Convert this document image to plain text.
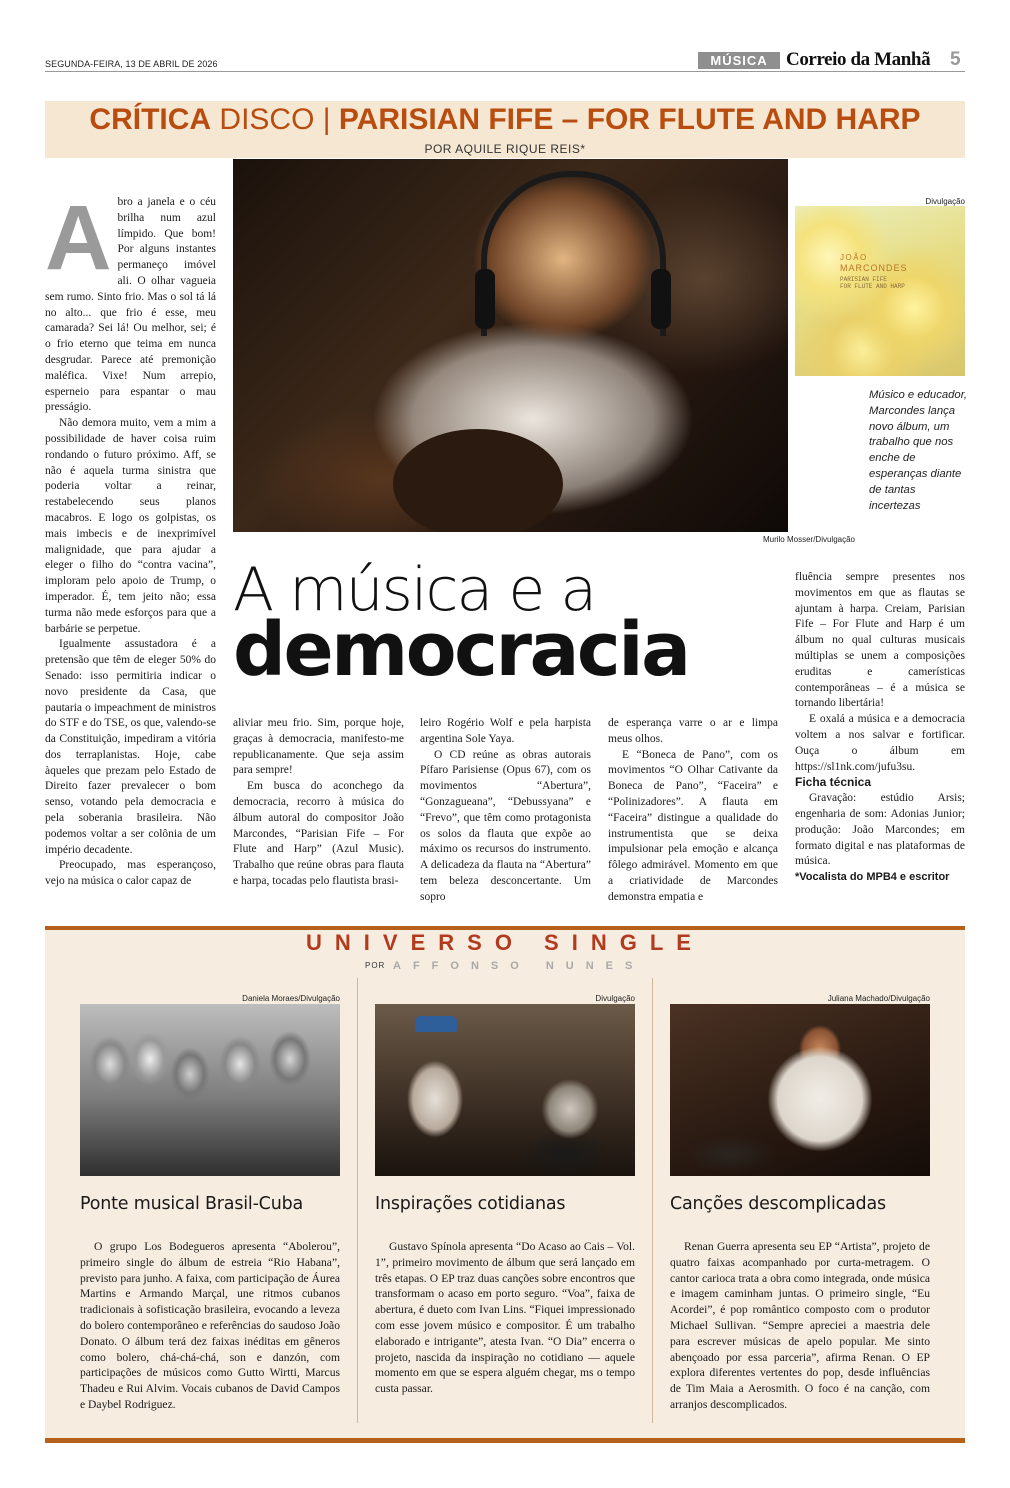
SEGUNDA-FEIRA, 13 DE ABRIL DE 2026	MÚSICA Correio da Manhã 5
CRÍTICA DISCO | PARISIAN FIFE – FOR FLUTE AND HARP
POR AQUILE RIQUE REIS*
Murilo Mosser/Divulgação
Divulgação
JOÃO
MARCONDES
PARISIAN FIFE
FOR FLUTE AND HARP
Músico e educador, Marcondes lança novo álbum, um trabalho que nos enche de esperanças diante de tantas incertezas

Abro a janela e o céu brilha num azul límpido. Que bom! Por alguns instantes permaneço imóvel ali. O olhar vagueia sem rumo. Sinto frio. Mas o sol tá lá no alto... que frio é esse, meu camarada? Sei lá! Ou melhor, sei; é o frio eterno que teima em nunca desgrudar. Parece até premonição maléfica. Vixe! Num arrepio, esperneio para espantar o mau presságio.

Não demora muito, vem a mim a possibilidade de haver coisa ruim rondando o futuro próximo. Aff, se não é aquela turma sinistra que poderia voltar a reinar, restabelecendo seus planos macabros. E logo os golpistas, os mais imbecis e de inexprimível malignidade, que para ajudar a eleger o filho do “contra vacina”, imploram pelo apoio de Trump, o imperador. É, tem jeito não; essa turma não mede esforços para que a barbárie se perpetue.

Igualmente assustadora é a pretensão que têm de eleger 50% do Senado: isso permitiria indicar o novo presidente da Casa, que pautaria o impeachment de ministros do STF e do TSE, os que, valendo-se da Constituição, impediram a vitória dos terraplanistas. Hoje, cabe àqueles que prezam pelo Estado de Direito fazer prevalecer o bom senso, votando pela democracia e pela soberania brasileira. Não podemos voltar a ser colônia de um império decadente.

Preocupado, mas esperançoso, vejo na música o calor capaz de

A música e a
democracia

aliviar meu frio. Sim, porque hoje, graças à democracia, manifesto-me republicanamente. Que seja assim para sempre!

Em busca do aconchego da democracia, recorro à música do álbum autoral do compositor João Marcondes, “Parisian Fife – For Flute and Harp” (Azul Music). Trabalho que reúne obras para flauta e harpa, tocadas pelo flautista brasi-

leiro Rogério Wolf e pela harpista argentina Sole Yaya.

O CD reúne as obras autorais Pífaro Parisiense (Opus 67), com os movimentos “Abertura”, “Gonzagueana”, “Debussyana” e “Frevo”, que têm como protagonista os solos da flauta que expõe ao máximo os recursos do instrumento. A delicadeza da flauta na “Abertura” tem beleza desconcertante. Um sopro

de esperança varre o ar e limpa meus olhos.

E “Boneca de Pano”, com os movimentos “O Olhar Cativante da Boneca de Pano”, “Faceira” e “Polinizadores”. A flauta em “Faceira” distingue a qualidade do instrumentista que se deixa impulsionar pela emoção e alcança fôlego admirável. Momento em que a criatividade de Marcondes demonstra empatia e

fluência sempre presentes nos movimentos em que as flautas se ajuntam à harpa. Creiam, Parisian Fife – For Flute and Harp é um álbum no qual culturas musicais múltiplas se unem a composições eruditas e camerísticas contemporâneas – é a música se tornando libertária!

E oxalá a música e a democracia voltem a nos salvar e fortificar. Ouça o álbum em https://sl1nk.com/jufu3su.

Ficha técnica

Gravação: estúdio Arsis; engenharia de som: Adonias Junior; produção: João Marcondes; em formato digital e nas plataformas de música.

*Vocalista do MPB4 e escritor

UNIVERSO SINGLE
POR AFFONSO NUNES
Daniela Moraes/Divulgação
Ponte musical Brasil-Cuba

O grupo Los Bodegueros apresenta “Abolerou”, primeiro single do álbum de estreia “Rio Habana”, previsto para junho. A faixa, com participação de Áurea Martins e Armando Marçal, une ritmos cubanos tradicionais à sofisticação brasileira, evocando a leveza do bolero contemporâneo e referências do saudoso João Donato. O álbum terá dez faixas inéditas em gêneros como bolero, chá-chá-chá, son e danzón, com participações de músicos como Gutto Wirtti, Marcus Thadeu e Rui Alvim. Vocais cubanos de David Campos e Daybel Rodriguez.

Divulgação
Inspirações cotidianas

Gustavo Spínola apresenta “Do Acaso ao Cais – Vol. 1”, primeiro movimento de álbum que será lançado em três etapas. O EP traz duas canções sobre encontros que transformam o acaso em porto seguro. “Voa”, faixa de abertura, é dueto com Ivan Lins. “Fiquei impressionado com esse jovem músico e compositor. É um trabalho elaborado e intrigante”, atesta Ivan. “O Dia” encerra o projeto, nascida da inspiração no cotidiano — aquele momento em que se espera alguém chegar, ms o tempo custa passar.

Juliana Machado/Divulgação
Canções descomplicadas

Renan Guerra apresenta seu EP “Artista”, projeto de quatro faixas acompanhado por curta-metragem. O cantor carioca trata a obra como integrada, onde música e imagem caminham juntas. O primeiro single, “Eu Acordei”, é pop romântico composto com o produtor Michael Sullivan. “Sempre apreciei a maestria dele para escrever músicas de apelo popular. Me sinto abençoado por essa parceria”, afirma Renan. O EP explora diferentes vertentes do pop, desde influências de Tim Maia a Aerosmith. O foco é na canção, com arranjos descomplicados.
